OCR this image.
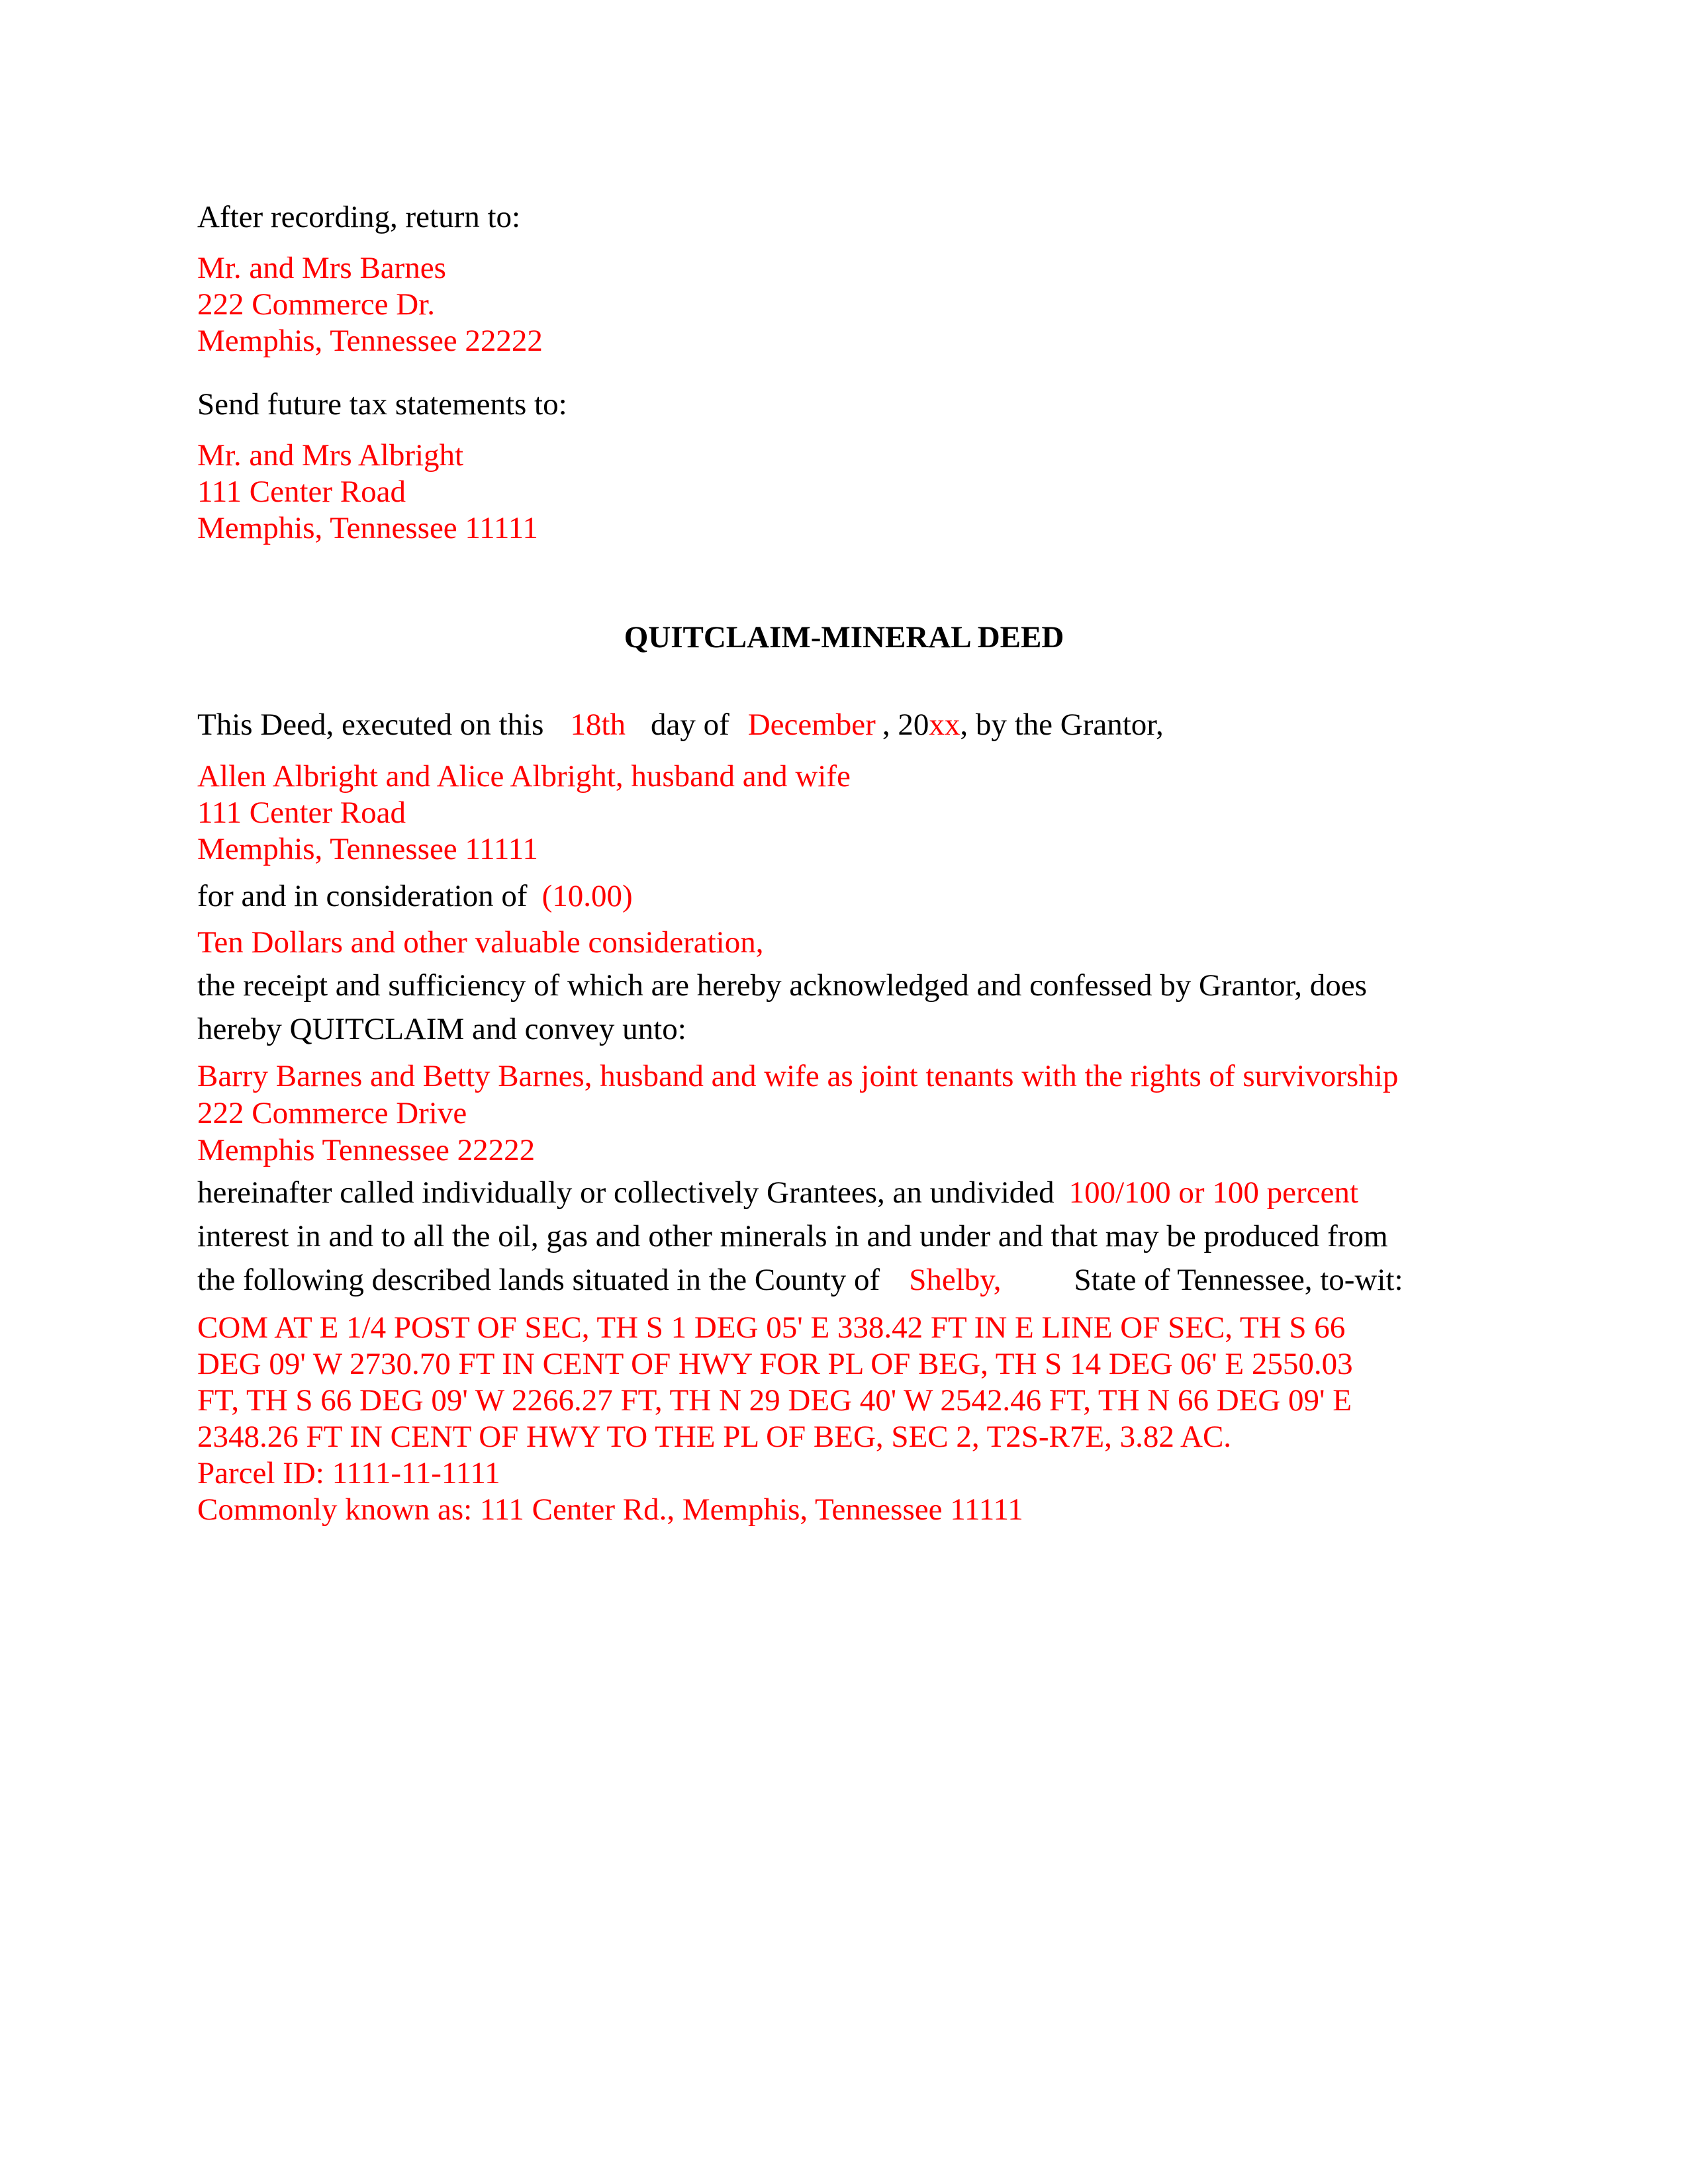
After recording, return to:
Mr. and Mrs Barnes
222 Commerce Dr.
Memphis, Tennessee 22222
Send future tax statements to:
Mr. and Mrs Albright
111 Center Road
Memphis, Tennessee 11111
QUITCLAIM-MINERAL DEED
This Deed, executed on this 18th day of December , 20xx, by the Grantor,
Allen Albright and Alice Albright, husband and wife
111 Center Road
Memphis, Tennessee 11111
for and in consideration of (10.00)
Ten Dollars and other valuable consideration,
the receipt and sufficiency of which are hereby acknowledged and confessed by Grantor, does
hereby QUITCLAIM and convey unto:
Barry Barnes and Betty Barnes, husband and wife as joint tenants with the rights of survivorship
222 Commerce Drive
Memphis Tennessee 22222
hereinafter called individually or collectively Grantees, an undivided 100/100 or 100 percent
interest in and to all the oil, gas and other minerals in and under and that may be produced from
the following described lands situated in the County of Shelby, State of Tennessee, to-wit:
COM AT E 1/4 POST OF SEC, TH S 1 DEG 05' E 338.42 FT IN E LINE OF SEC, TH S 66
DEG 09' W 2730.70 FT IN CENT OF HWY FOR PL OF BEG, TH S 14 DEG 06' E 2550.03
FT, TH S 66 DEG 09' W 2266.27 FT, TH N 29 DEG 40' W 2542.46 FT, TH N 66 DEG 09' E
2348.26 FT IN CENT OF HWY TO THE PL OF BEG, SEC 2, T2S-R7E, 3.82 AC.
Parcel ID: 1111-11-1111
Commonly known as: 111 Center Rd., Memphis, Tennessee 11111
